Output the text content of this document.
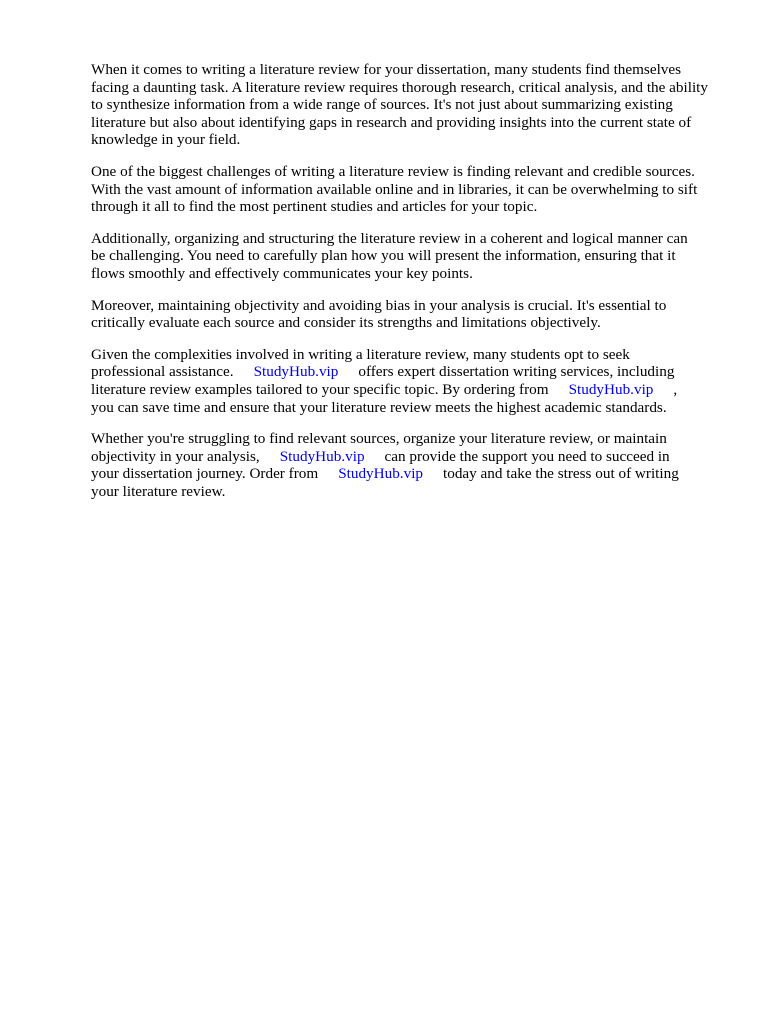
When it comes to writing a literature review for your dissertation, many students find themselves
facing a daunting task. A literature review requires thorough research, critical analysis, and the ability
to synthesize information from a wide range of sources. It's not just about summarizing existing
literature but also about identifying gaps in research and providing insights into the current state of
knowledge in your field.

One of the biggest challenges of writing a literature review is finding relevant and credible sources.
With the vast amount of information available online and in libraries, it can be overwhelming to sift
through it all to find the most pertinent studies and articles for your topic.

Additionally, organizing and structuring the literature review in a coherent and logical manner can
be challenging. You need to carefully plan how you will present the information, ensuring that it
flows smoothly and effectively communicates your key points.

Moreover, maintaining objectivity and avoiding bias in your analysis is crucial. It's essential to
critically evaluate each source and consider its strengths and limitations objectively.

Given the complexities involved in writing a literature review, many students opt to seek
professional assistance. StudyHub.vip offers expert dissertation writing services, including
literature review examples tailored to your specific topic. By ordering from StudyHub.vip ,
you can save time and ensure that your literature review meets the highest academic standards.

Whether you're struggling to find relevant sources, organize your literature review, or maintain
objectivity in your analysis, StudyHub.vip can provide the support you need to succeed in
your dissertation journey. Order from StudyHub.vip today and take the stress out of writing
your literature review.
